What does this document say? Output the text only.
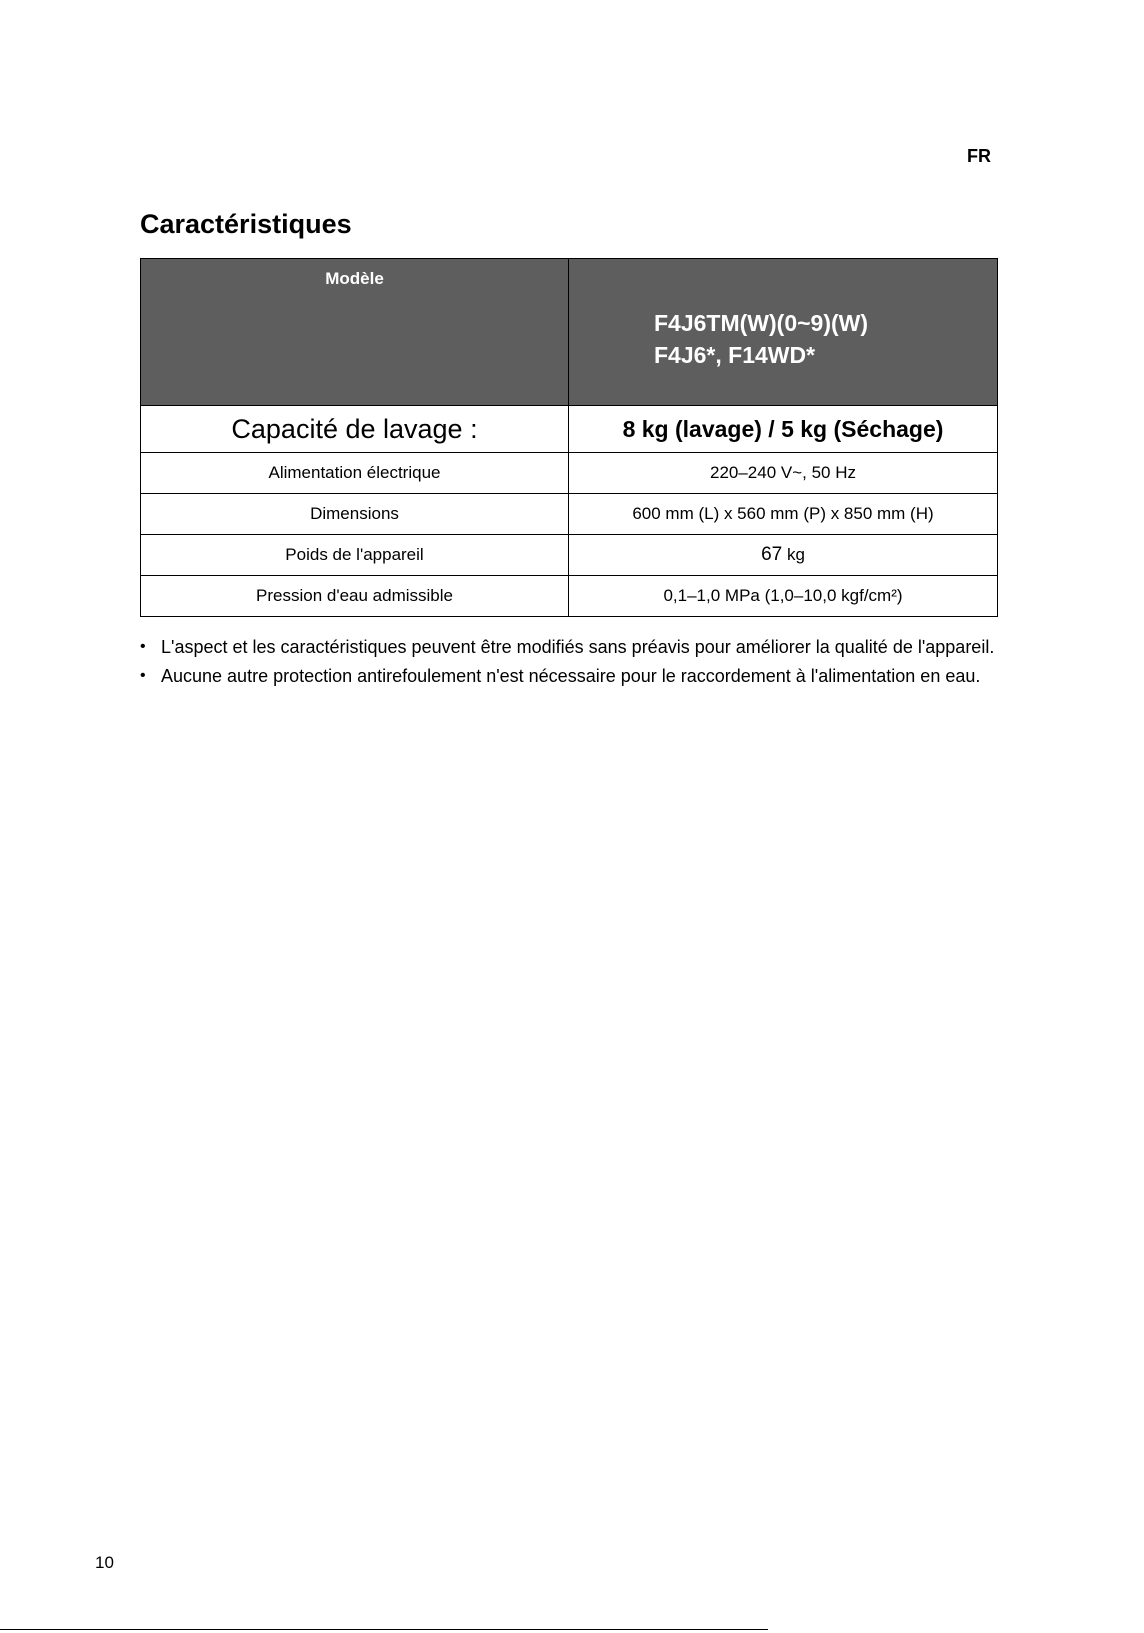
FR
Caractéristiques
Modèle	F4J6TM(W)(0~9)(W)
F4J6*, F14WD*

Capacité de lavage :	8 kg (lavage) / 5 kg (Séchage)
Alimentation électrique	220–240 V~, 50 Hz
Dimensions	600 mm (L) x 560 mm (P) x 850 mm (H)
Poids de l'appareil	67 kg
Pression d'eau admissible	0,1–1,0 MPa (1,0–10,0 kgf/cm²)
• L'aspect et les caractéristiques peuvent être modifiés sans préavis pour améliorer la qualité de l'appareil.
• Aucune autre protection antirefoulement n'est nécessaire pour le raccordement à l'alimentation en eau.
10
